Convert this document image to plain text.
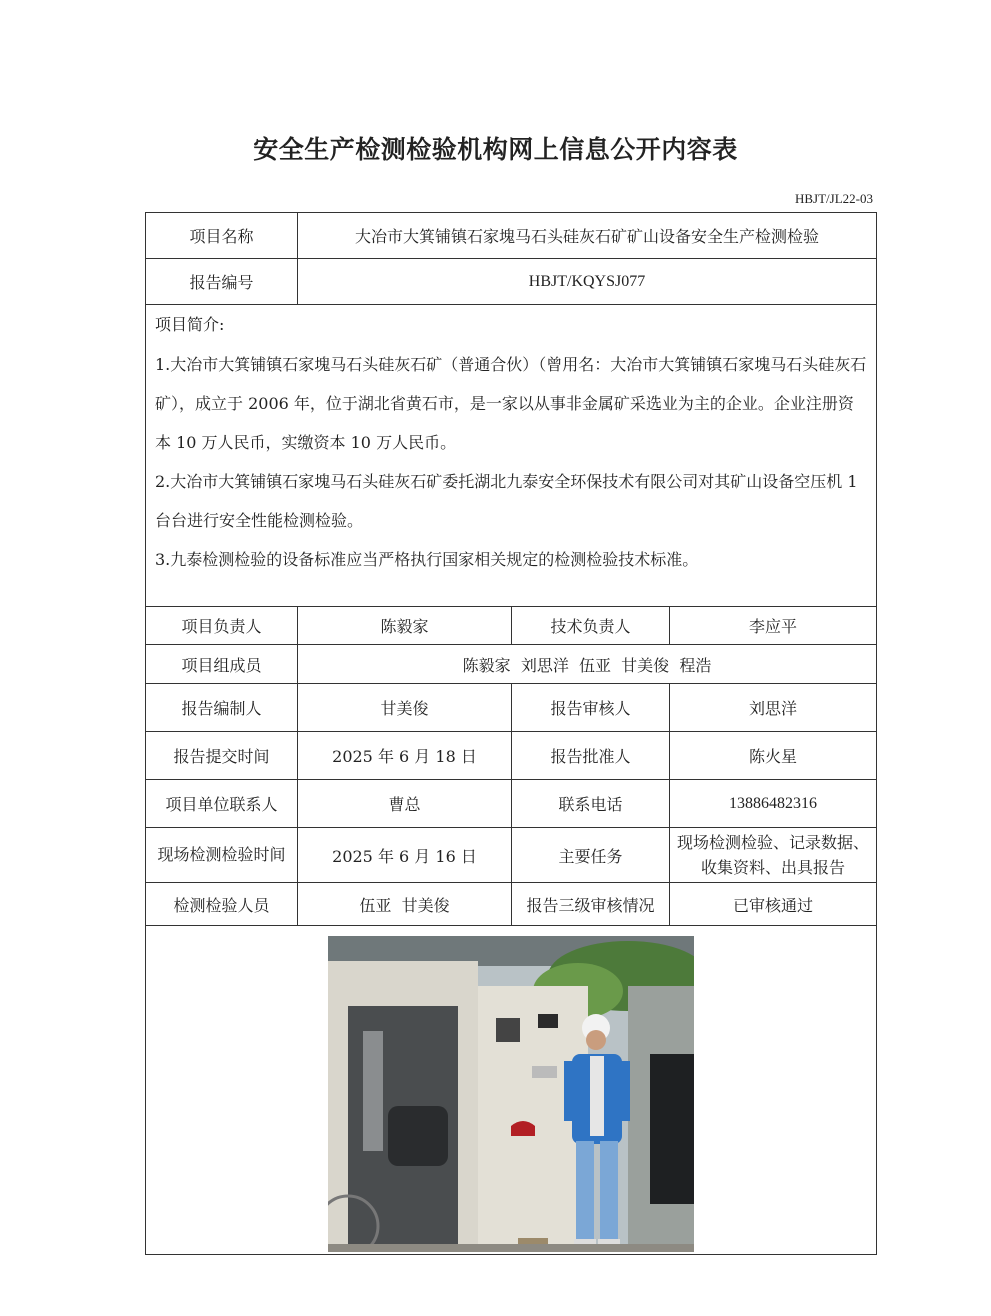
安全生产检测检验机构网上信息公开内容表
HBJT/JL22-03
项目名称	大冶市大箕铺镇石家塊马石头硅灰石矿矿山设备安全生产检测检验		
报告编号	HBJT/KQYSJ077		

项目简介:

1.大冶市大箕铺镇石家塊马石头硅灰石矿（普通合伙）（曾用名：大冶市大箕铺镇石家塊马石头硅灰石矿），成立于 2006 年，位于湖北省黄石市，是一家以从事非金属矿采选业为主的企业。企业注册资本 10 万人民币，实缴资本 10 万人民币。

2.大冶市大箕铺镇石家塊马石头硅灰石矿委托湖北九泰安全环保技术有限公司对其矿山设备空压机 1 台台进行安全性能检测检验。

3.九泰检测检验的设备标准应当严格执行国家相关规定的检测检验技术标准。			

项目负责人	陈毅家	技术负责人	李应平
项目组成员	陈毅家  刘思洋  伍亚  甘美俊  程浩		
报告编制人	甘美俊	报告审核人	刘思洋
报告提交时间	2025 年 6 月 18 日	报告批准人	陈火星
项目单位联系人	曹总	联系电话	13886482316
现场检测检验时间	2025 年 6 月 16 日	主要任务	现场检测检验、记录数据、收集资料、出具报告
检测检验人员	伍亚  甘美俊	报告三级审核情况	已审核通过
